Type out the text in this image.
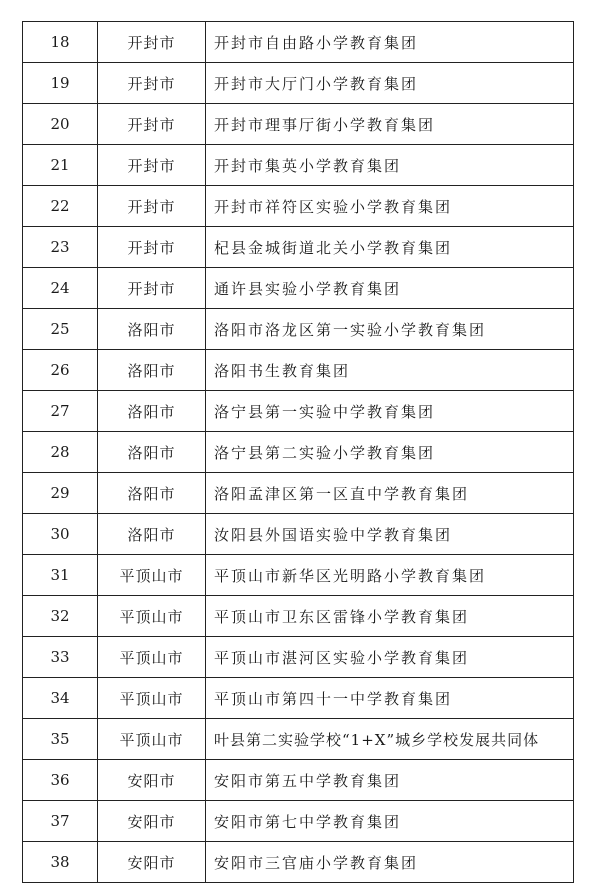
18	开封市	开封市自由路小学教育集团
19	开封市	开封市大厅门小学教育集团
20	开封市	开封市理事厅街小学教育集团
21	开封市	开封市集英小学教育集团
22	开封市	开封市祥符区实验小学教育集团
23	开封市	杞县金城街道北关小学教育集团
24	开封市	通许县实验小学教育集团
25	洛阳市	洛阳市洛龙区第一实验小学教育集团
26	洛阳市	洛阳书生教育集团
27	洛阳市	洛宁县第一实验中学教育集团
28	洛阳市	洛宁县第二实验小学教育集团
29	洛阳市	洛阳孟津区第一区直中学教育集团
30	洛阳市	汝阳县外国语实验中学教育集团
31	平顶山市	平顶山市新华区光明路小学教育集团
32	平顶山市	平顶山市卫东区雷锋小学教育集团
33	平顶山市	平顶山市湛河区实验小学教育集团
34	平顶山市	平顶山市第四十一中学教育集团
35	平顶山市	叶县第二实验学校“1+X”城乡学校发展共同体
36	安阳市	安阳市第五中学教育集团
37	安阳市	安阳市第七中学教育集团
38	安阳市	安阳市三官庙小学教育集团
